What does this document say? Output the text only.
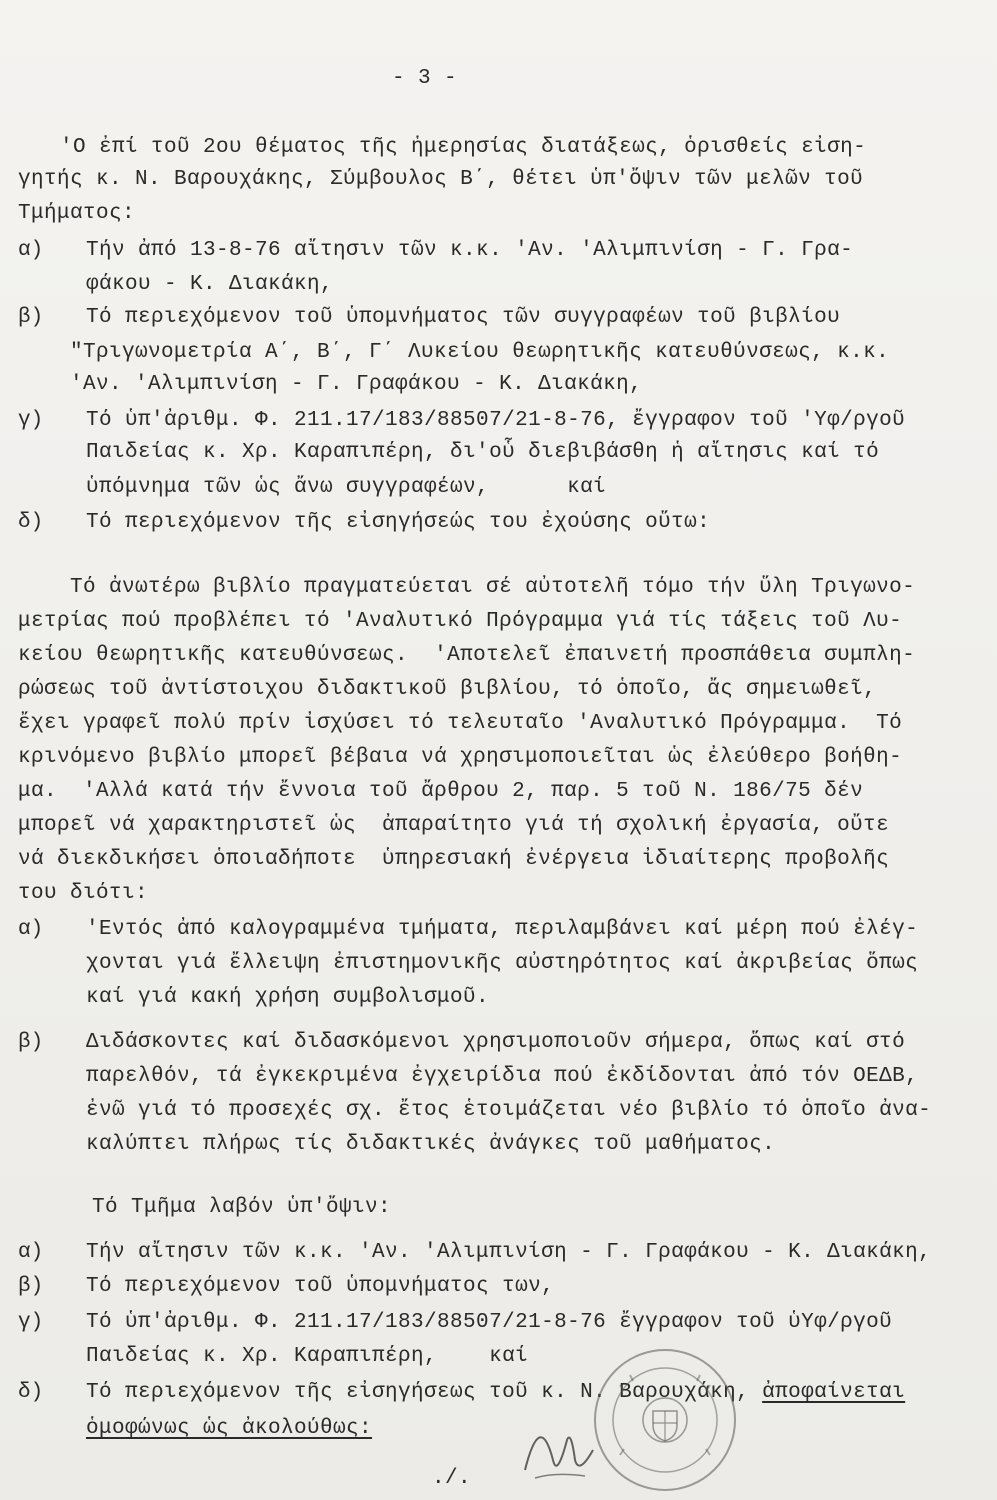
- 3 -
'Ο ἐπί τοῦ 2ου θέματος τῆς ἡμερησίας διατάξεως, ὁρισθείς εἰση-
γητής κ. Ν. Βαρουχάκης, Σύμβουλος Β΄, θέτει ὑπ'ὄψιν τῶν μελῶν τοῦ
Τμήματος:
α) Τήν ἀπό 13-8-76 αἴτησιν τῶν κ.κ. 'Αν. 'Αλιμπινίση - Γ. Γρα-
φάκου - Κ. Διακάκη,
β) Τό περιεχόμενον τοῦ ὑπομνήματος τῶν συγγραφέων τοῦ βιβλίου
"Τριγωνομετρία Α΄, Β΄, Γ΄ Λυκείου θεωρητικῆς κατευθύνσεως, κ.κ.
'Αν. 'Αλιμπινίση - Γ. Γραφάκου - Κ. Διακάκη,
γ) Τό ὑπ'ἀριθμ. Φ. 211.17/183/88507/21-8-76, ἔγγραφον τοῦ 'Υφ/ργοῦ
Παιδείας κ. Χρ. Καραπιπέρη, δι'οὗ διεβιβάσθη ἡ αἴτησις καί τό
ὑπόμνημα τῶν ὡς ἄνω συγγραφέων,      καί
δ) Τό περιεχόμενον τῆς εἰσηγήσεώς του ἐχούσης οὕτω:
Τό ἀνωτέρω βιβλίο πραγματεύεται σέ αὐτοτελῆ τόμο τήν ὕλη Τριγωνο-
μετρίας πού προβλέπει τό 'Αναλυτικό Πρόγραμμα γιά τίς τάξεις τοῦ Λυ-
κείου θεωρητικῆς κατευθύνσεως.  'Αποτελεῖ ἐπαινετή προσπάθεια συμπλη-
ρώσεως τοῦ ἀντίστοιχου διδακτικοῦ βιβλίου, τό ὁποῖο, ἄς σημειωθεῖ,
ἔχει γραφεῖ πολύ πρίν ἰσχύσει τό τελευταῖο 'Αναλυτικό Πρόγραμμα.  Τό
κρινόμενο βιβλίο μπορεῖ βέβαια νά χρησιμοποιεῖται ὡς ἐλεύθερο βοήθη-
μα.  'Αλλά κατά τήν ἔννοια τοῦ ἄρθρου 2, παρ. 5 τοῦ Ν. 186/75 δέν
μπορεῖ νά χαρακτηριστεῖ ὡς  ἀπαραίτητο γιά τή σχολική ἐργασία, οὔτε
νά διεκδικήσει ὁποιαδήποτε  ὑπηρεσιακή ἐνέργεια ἰδιαίτερης προβολῆς
του διότι:
α) 'Εντός ἀπό καλογραμμένα τμήματα, περιλαμβάνει καί μέρη πού ἐλέγ-
χονται γιά ἔλλειψη ἐπιστημονικῆς αὐστηρότητος καί ἀκριβείας ὅπως
καί γιά κακή χρήση συμβολισμοῦ.
β) Διδάσκοντες καί διδασκόμενοι χρησιμοποιοῦν σήμερα, ὅπως καί στό
παρελθόν, τά ἐγκεκριμένα ἐγχειρίδια πού ἐκδίδονται ἀπό τόν ΟΕΔΒ,
ἐνῶ γιά τό προσεχές σχ. ἔτος ἑτοιμάζεται νέο βιβλίο τό ὁποῖο ἀνα-
καλύπτει πλήρως τίς διδακτικές ἀνάγκες τοῦ μαθήματος.
Τό Τμῆμα λαβόν ὑπ'ὄψιν:
α) Τήν αἴτησιν τῶν κ.κ. 'Αν. 'Αλιμπινίση - Γ. Γραφάκου - Κ. Διακάκη,
β) Τό περιεχόμενον τοῦ ὑπομνήματος των,
γ) Τό ὑπ'ἀριθμ. Φ. 211.17/183/88507/21-8-76 ἔγγραφον τοῦ ὑΥφ/ργοῦ
Παιδείας κ. Χρ. Καραπιπέρη,    καί
δ) Τό περιεχόμενον τῆς εἰσηγήσεως τοῦ κ. Ν. Βαρουχάκη, ἀποφαίνεται
ὁμοφώνως ὡς ἀκολούθως:
./.
